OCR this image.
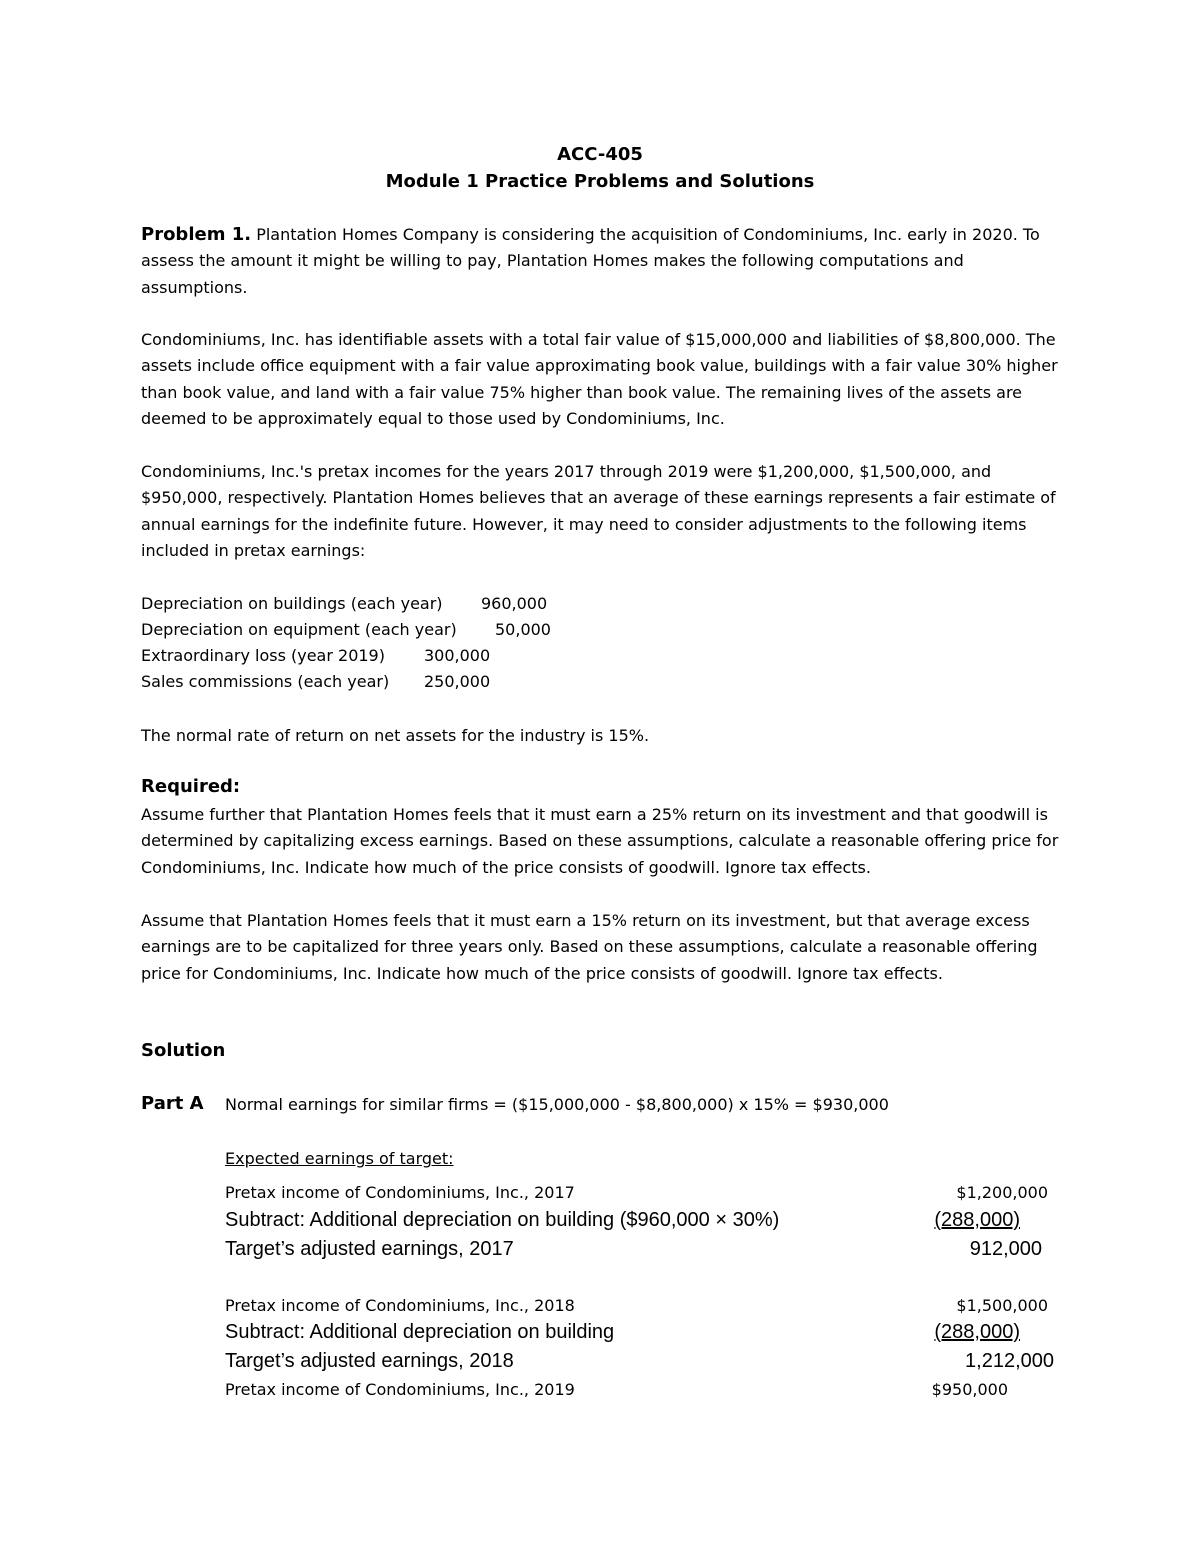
ACC-405
Module 1 Practice Problems and Solutions

Problem 1. Plantation Homes Company is considering the acquisition of Condominiums, Inc. early in 2020. To assess the amount it might be willing to pay, Plantation Homes makes the following computations and assumptions.

Condominiums, Inc. has identifiable assets with a total fair value of $15,000,000 and liabilities of $8,800,000. The assets include office equipment with a fair value approximating book value, buildings with a fair value 30% higher than book value, and land with a fair value 75% higher than book value. The remaining lives of the assets are deemed to be approximately equal to those used by Condominiums, Inc.

Condominiums, Inc.'s pretax incomes for the years 2017 through 2019 were $1,200,000, $1,500,000, and $950,000, respectively. Plantation Homes believes that an average of these earnings represents a fair estimate of annual earnings for the indefinite future. However, it may need to consider adjustments to the following items included in pretax earnings:

Depreciation on buildings (each year) 960,000
Depreciation on equipment (each year) 50,000
Extraordinary loss (year 2019) 300,000
Sales commissions (each year) 250,000
The normal rate of return on net assets for the industry is 15%.
Required:

Assume further that Plantation Homes feels that it must earn a 25% return on its investment and that goodwill is determined by capitalizing excess earnings. Based on these assumptions, calculate a reasonable offering price for Condominiums, Inc. Indicate how much of the price consists of goodwill. Ignore tax effects.

Assume that Plantation Homes feels that it must earn a 15% return on its investment, but that average excess earnings are to be capitalized for three years only. Based on these assumptions, calculate a reasonable offering price for Condominiums, Inc. Indicate how much of the price consists of goodwill. Ignore tax effects.

Solution
Part A Normal earnings for similar firms = ($15,000,000 - $8,800,000) x 15% = $930,000
Expected earnings of target:
Pretax income of Condominiums, Inc., 2017	$1,200,000
Subtract: Additional depreciation on building ($960,000 × 30%)	(288,000)
Target’s adjusted earnings, 2017	912,000
Pretax income of Condominiums, Inc., 2018	$1,500,000
Subtract: Additional depreciation on building	(288,000)
Target’s adjusted earnings, 2018	1,212,000
Pretax income of Condominiums, Inc., 2019	$950,000
